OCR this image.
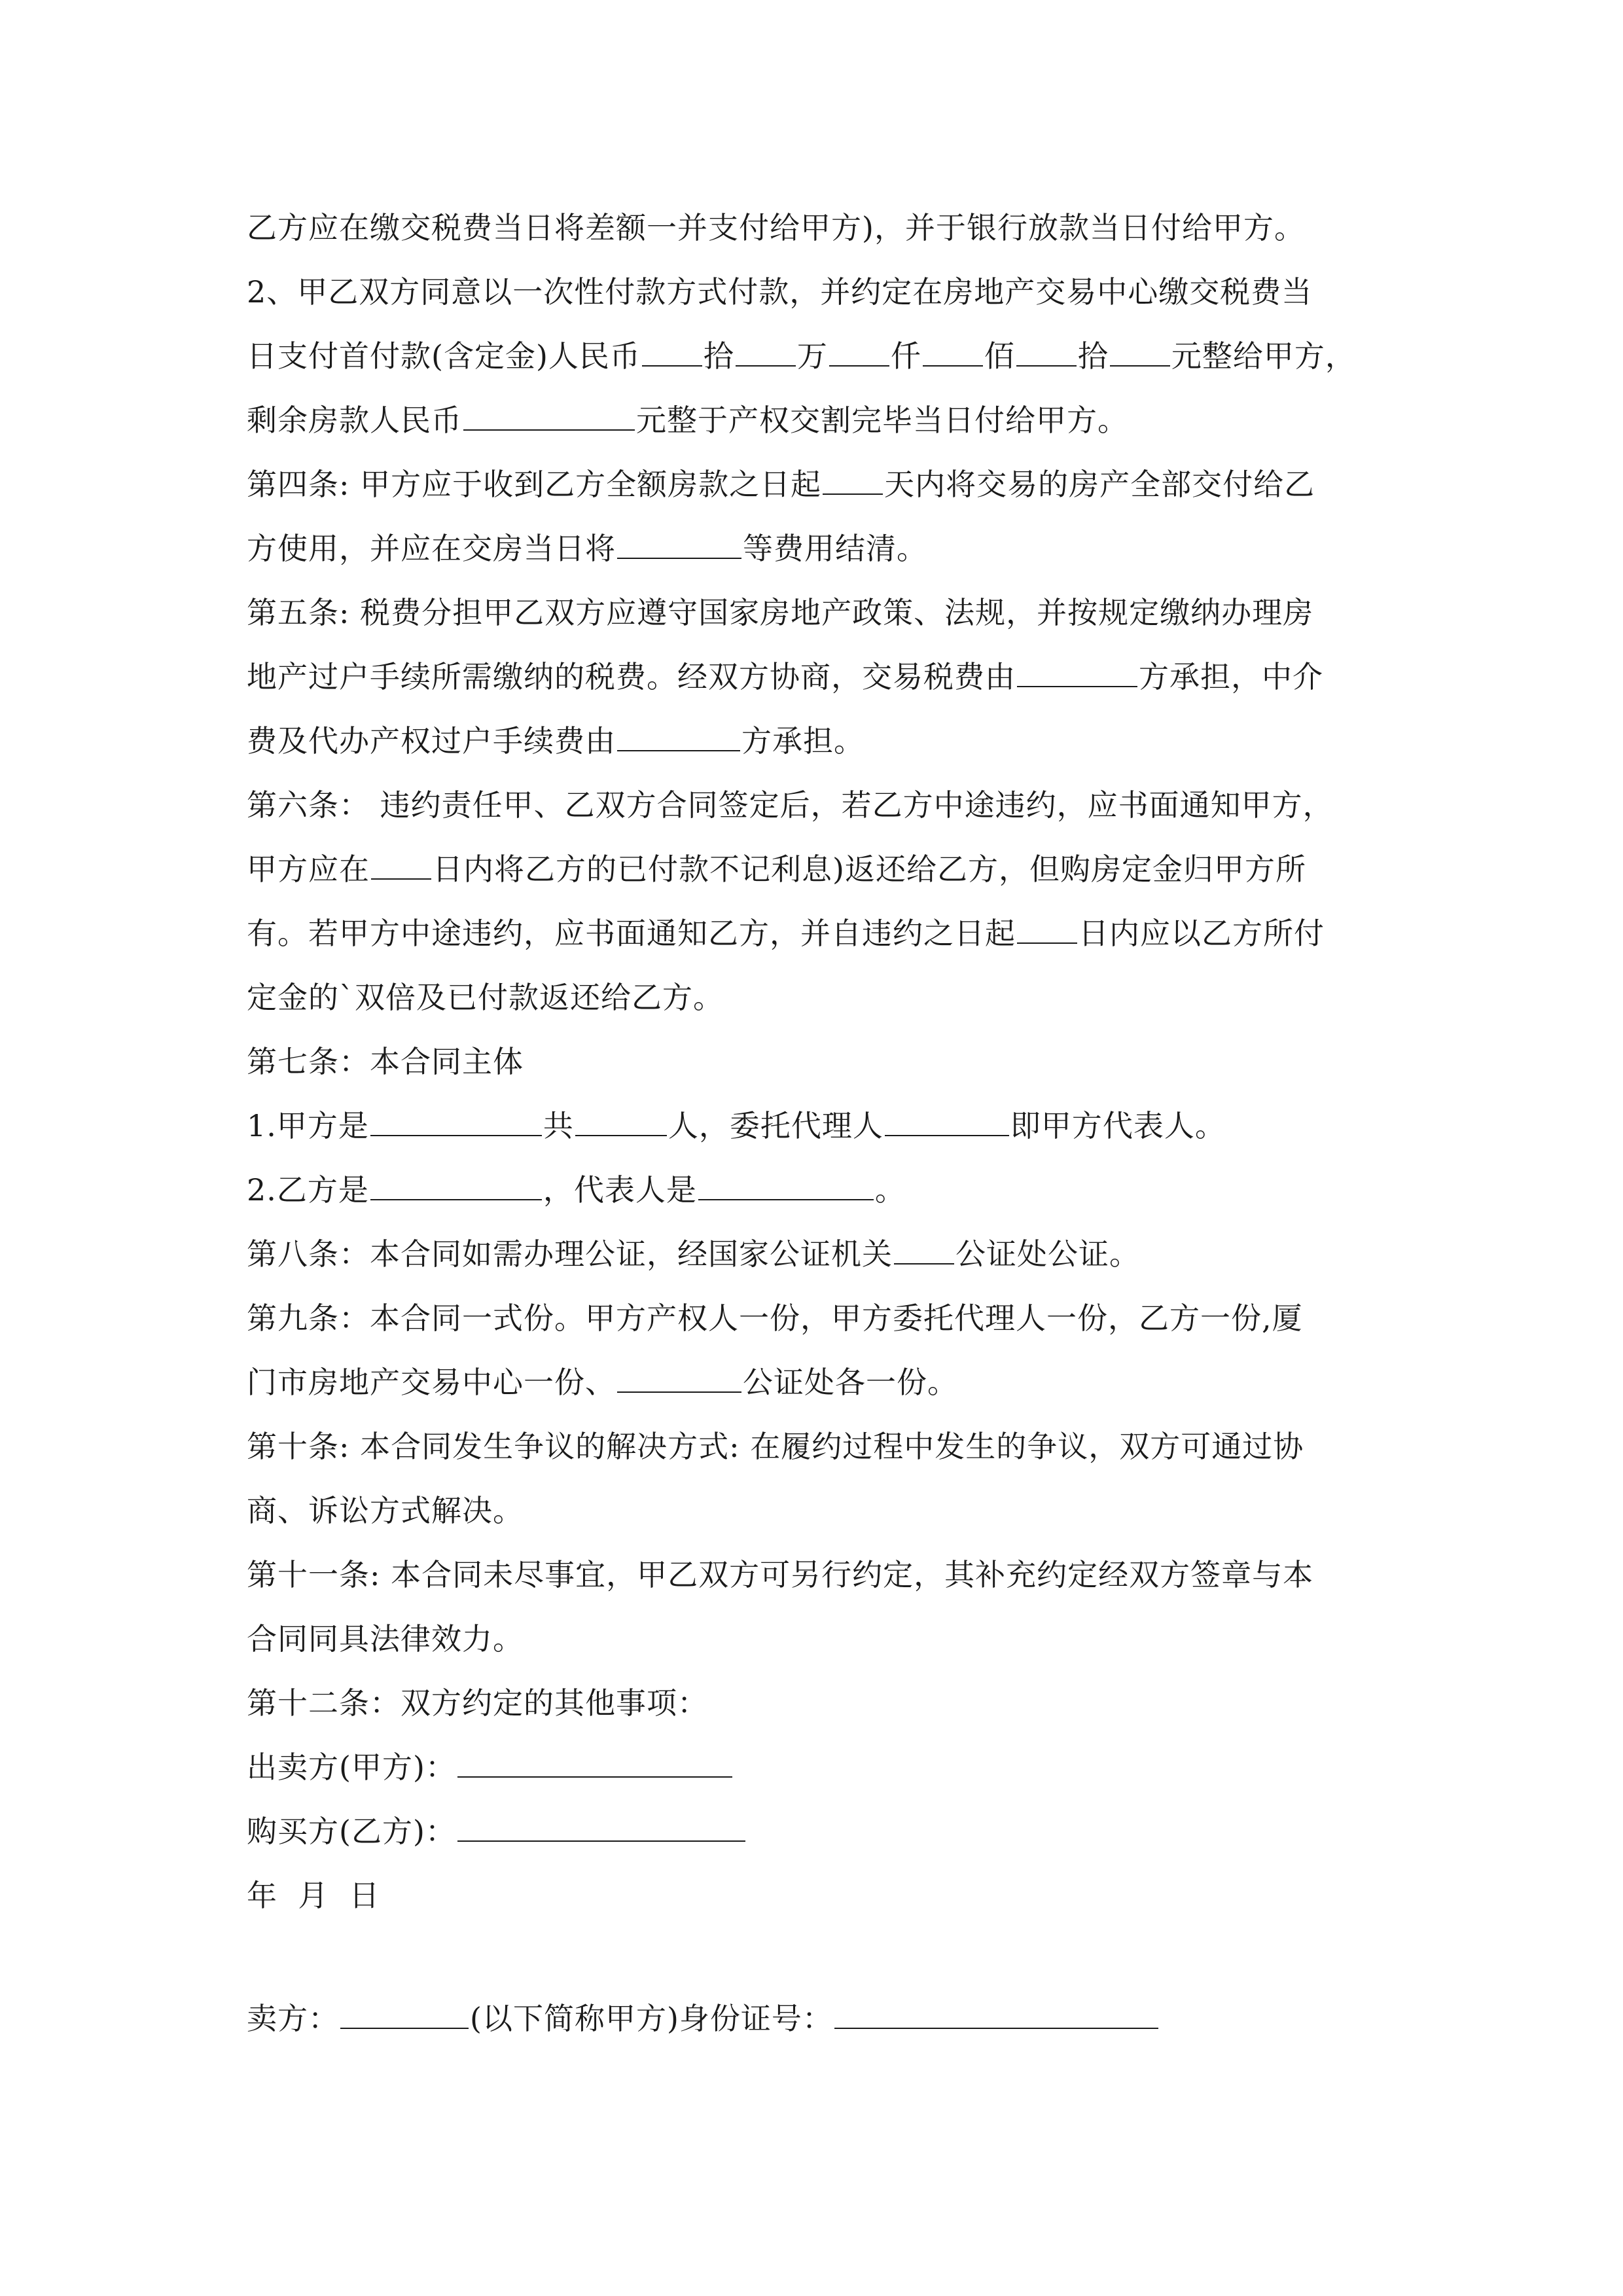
乙方应在缴交税费当日将差额一并支付给甲方)，并于银行放款当日付给甲方。
2、甲乙双方同意以一次性付款方式付款，并约定在房地产交易中心缴交税费当
日支付首付款(含定金)人民币 拾 万 仟 佰 拾 元整给甲方，
剩余房款人民币	元整于产权交割完毕当日付给甲方。
第四条: 甲方应于收到乙方全额房款之日起 天内将交易的房产全部交付给乙
方使用，并应在交房当日将	等费用结清。
第五条: 税费分担甲乙双方应遵守国家房地产政策、法规，并按规定缴纳办理房
地产过户手续所需缴纳的税费。经双方协商，交易税费由	方承担，中介
费及代办产权过户手续费由	方承担。
第六条： 违约责任甲、乙双方合同签定后，若乙方中途违约，应书面通知甲方，
甲方应在 日内将乙方的已付款不记利息)返还给乙方，但购房定金归甲方所
有。若甲方中途违约，应书面通知乙方，并自违约之日起 日内应以乙方所付
定金的`双倍及已付款返还给乙方。
第七条：本合同主体
1.甲方是	共	人，委托代理人	即甲方代表人。
2.乙方是	，代表人是	。
第八条：本合同如需办理公证，经国家公证机关 公证处公证。
第九条：本合同一式份。甲方产权人一份，甲方委托代理人一份，乙方一份,厦
门市房地产交易中心一份、	公证处各一份。
第十条: 本合同发生争议的解决方式: 在履约过程中发生的争议，双方可通过协
商、诉讼方式解决。
第十一条: 本合同未尽事宜，甲乙双方可另行约定，其补充约定经双方签章与本
合同同具法律效力。
第十二条：双方约定的其他事项：
出卖方(甲方)：
购买方(乙方)：
年  月  日
卖方：	(以下简称甲方)身份证号：
